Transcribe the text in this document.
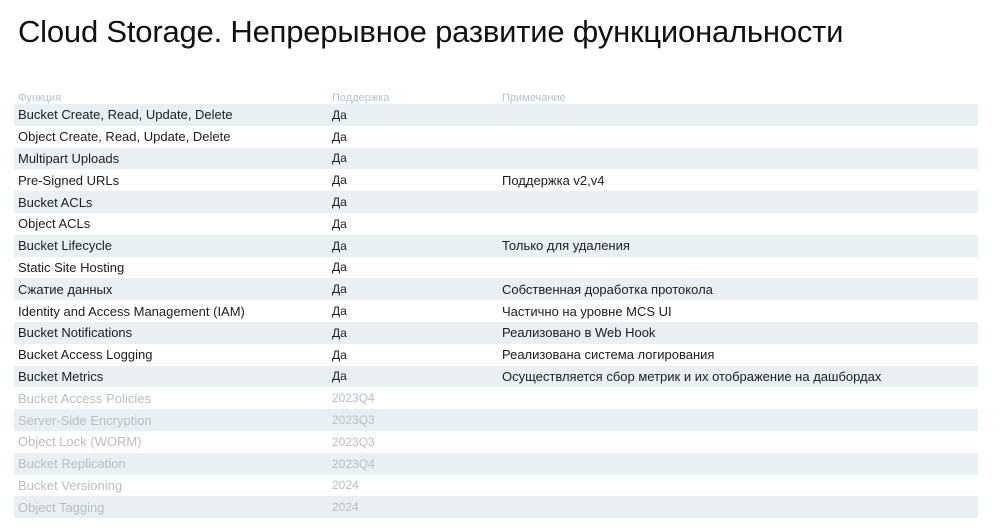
Cloud Storage. Непрерывное развитие функциональности
Функция	Поддержка	Примечание
Bucket Create, Read, Update, Delete	Да	
Object Create, Read, Update, Delete	Да	
Multipart Uploads	Да	
Pre-Signed URLs	Да	Поддержка v2,v4
Bucket ACLs	Да	
Object ACLs	Да	
Bucket Lifecycle	Да	Только для удаления
Static Site Hosting	Да	
Сжатие данных	Да	Собственная доработка протокола
Identity and Access Management (IAM)	Да	Частично на уровне MCS UI
Bucket Notifications	Да	Реализовано в Web Hook
Bucket Access Logging	Да	Реализована система логирования
Bucket Metrics	Да	Осуществляется сбор метрик и их отображение на дашбордах
Bucket Access Policies	2023Q4	
Server-Side Encryption	2023Q3	
Object Lock (WORM)	2023Q3	
Bucket Replication	2023Q4	
Bucket Versioning	2024	
Object Tagging	2024	
